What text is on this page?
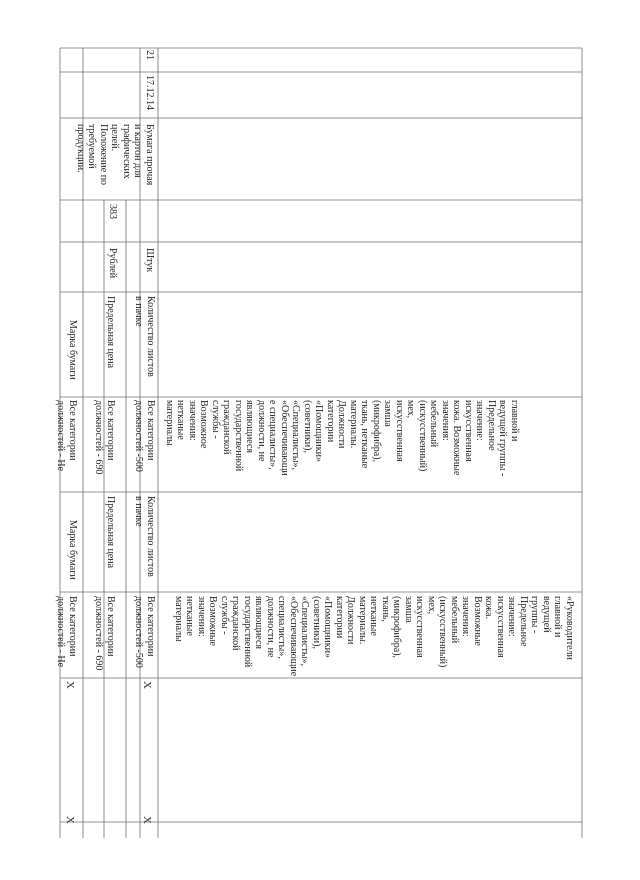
21
17.12.14
Бумага прочая
и картон для
графических
целей.
Положение по
требуемой
продукции.
383
Штук
Рублей
Количество листов
в пачке
Все категории
должностей -500
Предельная цена
Все категории
должностей - 690
Марка бумаги
Все категории
должностей - Не
Количество листов
в пачке
Все категории
должностей -500
Предельная цена
Все категории
должностей - 690
Марка бумаги
Все категории
должностей - Не
главной и
ведущей группы -
Предельное
значение:
искусственная
кожа. Возможные
значения:
мебельный
(искусственный)
мех,
искусственная
замша
(микрофибра),
ткань, нетканые
материалы.
Должности
категории
«Помощники»
(советники),
«Специалисты»,
«Обеспечивающи
е специалисты»,
должности, не
являющиеся
государственной
гражданской
службы -
Возможное
значения:
нетканые
материалы
«Руководители
главной и ведущей
группы - Предельное
значение:
искусственная кожа.
Возможные
значения:
мебельный
(искусственный)
мех, искусственная
замша
(микрофибра), ткань,
нетканые
материалы.
Должности
категории
«Помощники»
(советники),
«Специалисты»,
«Обеспечивающие
специалисты»,
должности, не
являющиеся
государственной
гражданской
службы -
Возможные
значения: нетканые
материалы
X
X
X
X
